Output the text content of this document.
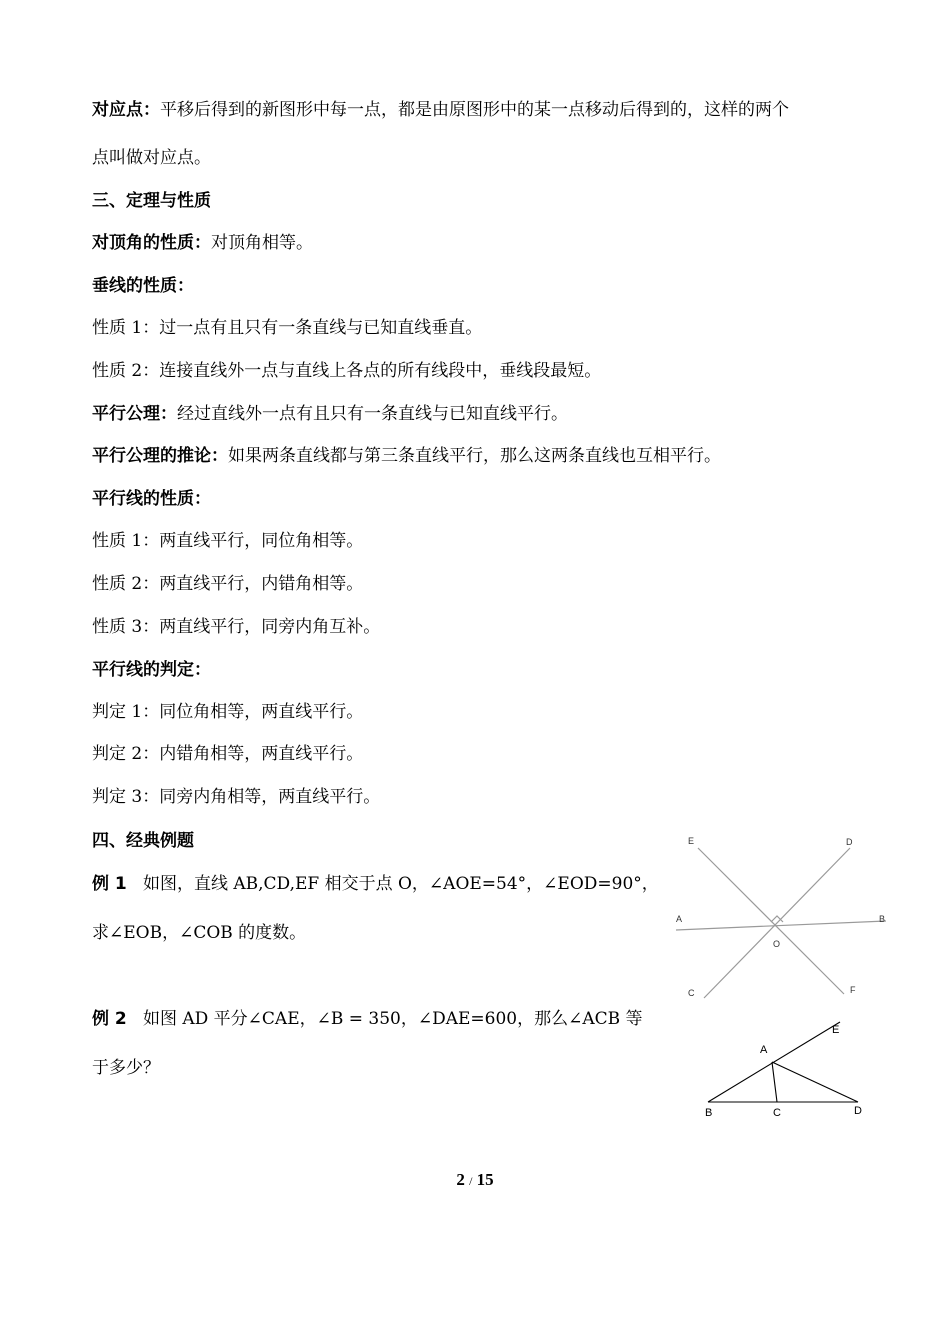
对应点：平移后得到的新图形中每一点，都是由原图形中的某一点移动后得到的，这样的两个
点叫做对应点。
三、定理与性质
对顶角的性质：对顶角相等。
垂线的性质：
性质 1：过一点有且只有一条直线与已知直线垂直。
性质 2：连接直线外一点与直线上各点的所有线段中，垂线段最短。
平行公理：经过直线外一点有且只有一条直线与已知直线平行。
平行公理的推论：如果两条直线都与第三条直线平行，那么这两条直线也互相平行。
平行线的性质：
性质 1：两直线平行，同位角相等。
性质 2：两直线平行，内错角相等。
性质 3：两直线平行，同旁内角互补。
平行线的判定：
判定 1：同位角相等，两直线平行。
判定 2：内错角相等，两直线平行。
判定 3：同旁内角相等，两直线平行。
四、经典例题
例 1 如图，直线 AB,CD,EF 相交于点 O，∠AOE=54°，∠EOD=90°，
求∠EOB，∠COB 的度数。
E	D
A	B
O
C	F
例 2 如图 AD 平分∠CAE，∠B = 350，∠DAE=600，那么∠ACB 等
于多少？
A
E
B	C	D
2 / 15
